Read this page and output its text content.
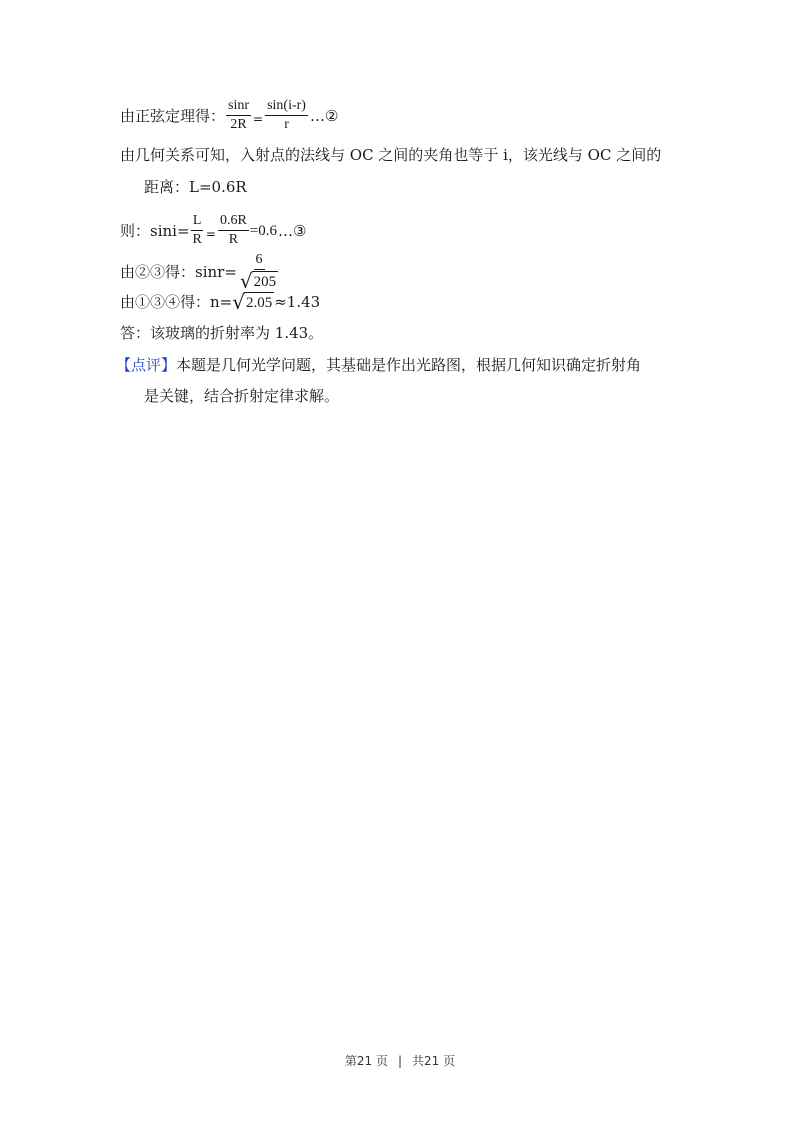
由正弦定理得： $\frac{\sin r}{2R} = \frac{\sin(i-r)}{r}$ …②
由几何关系可知，入射点的法线与 OC 之间的夹角也等于 i，该光线与 OC 之间的
距离：L=0.6R
则：$\sin i= \frac{L}{R} = \frac{0.6R}{R} =0.6$ …③
由②③得：$\sin r= \frac{6}{√ 205}$
由①③④得：n= √ 2.05 ≈1.43
答：该玻璃的折射率为 1.43。
【点评】 本题是几何光学问题，其基础是作出光路图，根据几何知识确定折射角
是关键，结合折射定律求解。
第21 页 | 共21 页
